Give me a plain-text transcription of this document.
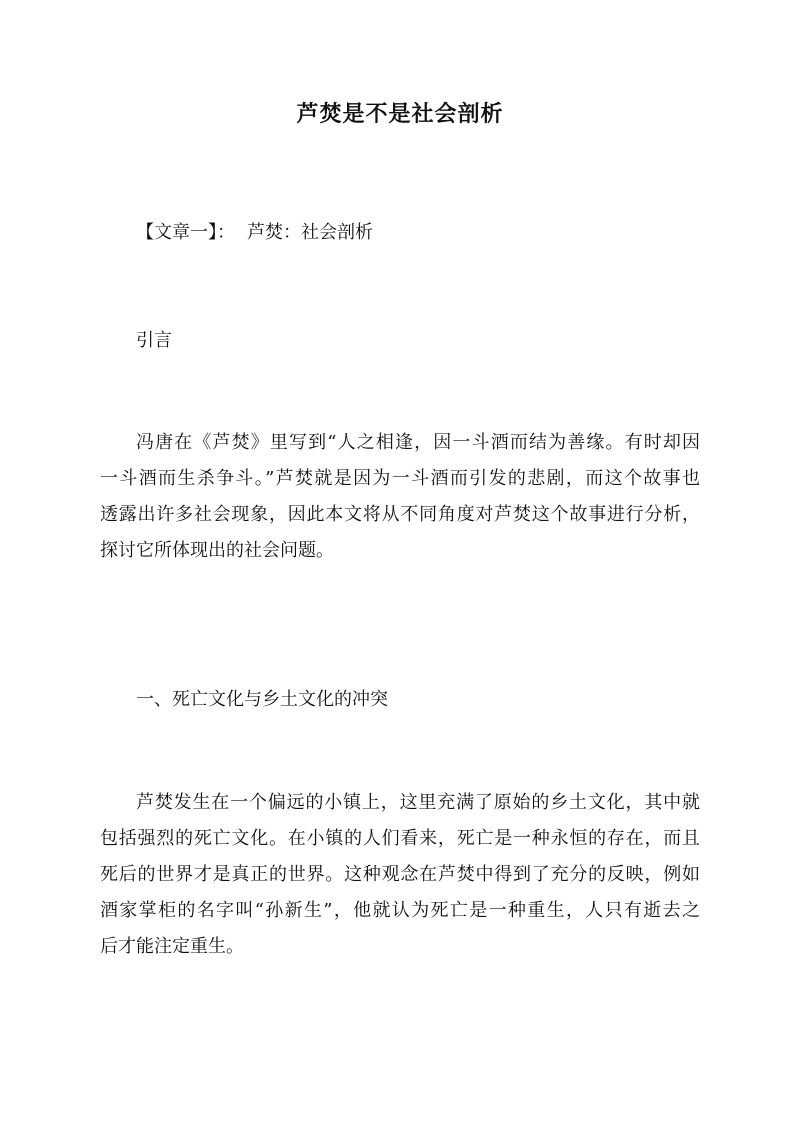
芦焚是不是社会剖析

【文章一】： 芦焚：社会剖析

引言

冯唐在《芦焚》里写到“人之相逢，因一斗酒而结为善缘。有时却因
一斗酒而生杀争斗。”芦焚就是因为一斗酒而引发的悲剧，而这个故事也
透露出许多社会现象，因此本文将从不同角度对芦焚这个故事进行分析，
探讨它所体现出的社会问题。

一、死亡文化与乡土文化的冲突

芦焚发生在一个偏远的小镇上，这里充满了原始的乡土文化，其中就
包括强烈的死亡文化。在小镇的人们看来，死亡是一种永恒的存在，而且
死后的世界才是真正的世界。这种观念在芦焚中得到了充分的反映，例如
酒家掌柜的名字叫“孙新生”，他就认为死亡是一种重生，人只有逝去之
后才能注定重生。
